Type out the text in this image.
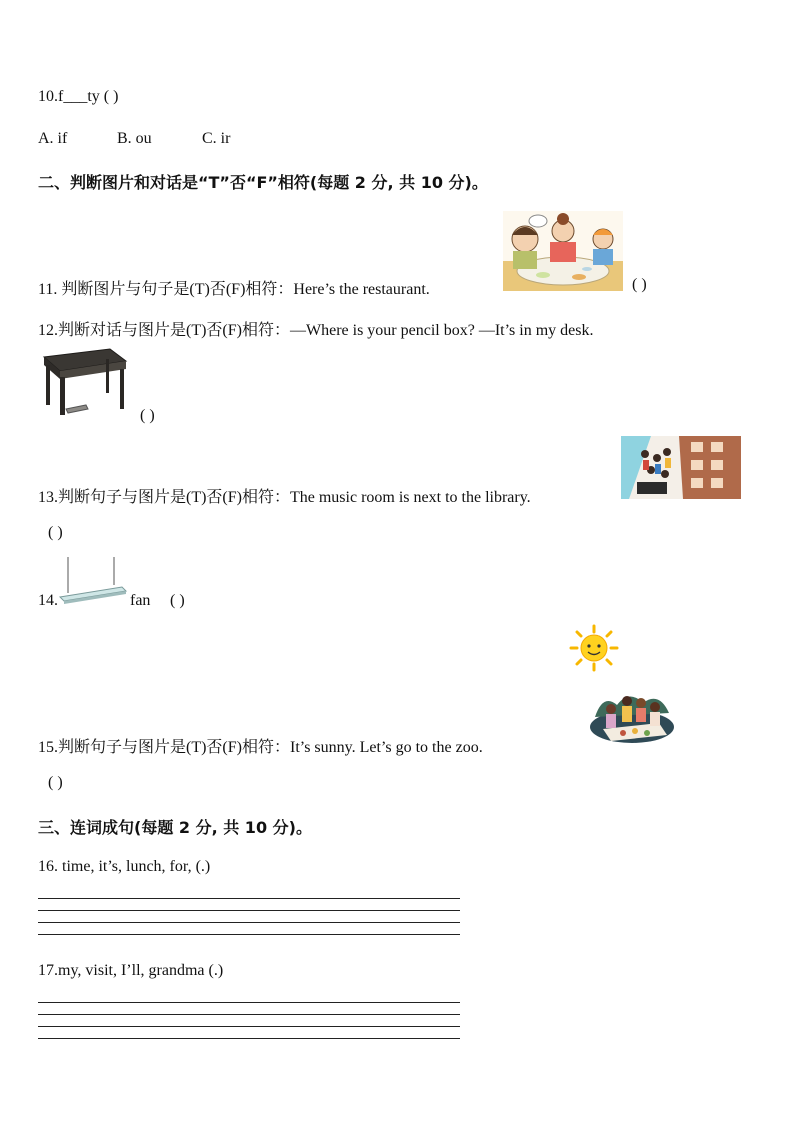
10.f___ty ( )
A. if	B. ou	C. ir
二、判断图片和对话是“T”否“F”相符(每题 2 分, 共 10 分)。
11. 判断图片与句子是(T)否(F)相符：Here’s the restaurant.	( )
12.判断对话与图片是(T)否(F)相符：—Where is your pencil box? —It’s in my desk.
( )
13.判断句子与图片是(T)否(F)相符：The music room is next to the library.
( )
14.	fan ( )
15.判断句子与图片是(T)否(F)相符：It’s sunny. Let’s go to the zoo.
( )
三、连词成句(每题 2 分, 共 10 分)。
16. time, it’s, lunch, for, (.)
17.my, visit, I’ll, grandma (.)
